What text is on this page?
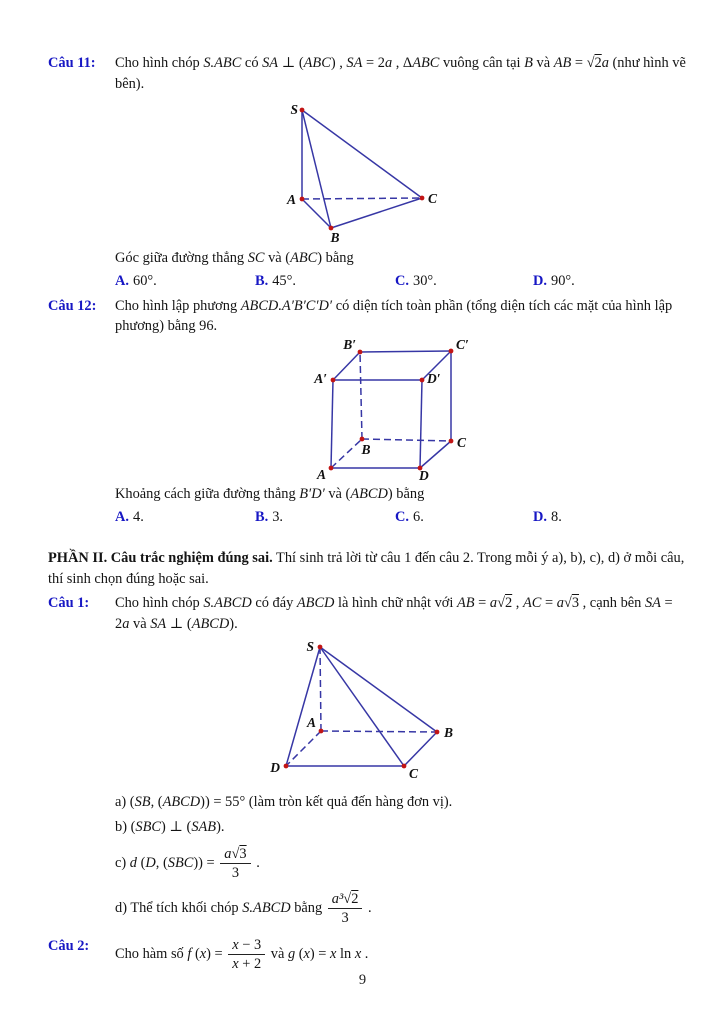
Câu 11:	Cho hình chóp S.ABC có SA ⊥ (ABC) , SA = 2a , ΔABC vuông cân tại B và AB = √2a (như hình vẽ bên).
S
A
B
C
Góc giữa đường thẳng SC và (ABC) bằng
A. 60°.	B. 45°.	C. 30°.	D. 90°.
Câu 12:	Cho hình lập phương ABCD.A′B′C′D′ có diện tích toàn phần (tổng diện tích các mặt của hình lập phương) bằng 96.
B′	C′
A′	D′
B	C
A	D
Khoảng cách giữa đường thẳng B′D′ và (ABCD) bằng
A. 4.	B. 3.	C. 6.	D. 8.
PHẦN II. Câu trắc nghiệm đúng sai. Thí sinh trả lời từ câu 1 đến câu 2. Trong mỗi ý a), b), c), d) ở mỗi câu, thí sinh chọn đúng hoặc sai.
Câu 1:	Cho hình chóp S.ABCD có đáy ABCD là hình chữ nhật với AB = a√2 , AC = a√3 , cạnh bên SA = 2a và SA ⊥ (ABCD).
S
A
B
C
D
a) (SB, (ABCD)) = 55° (làm tròn kết quả đến hàng đơn vị).
b) (SBC) ⊥ (SAB).
c) d (D, $(SBC)) = \frac{a√3}{3}$ .
d) Thể tích khối chóp S.ABCD bằng $\frac{\text{a³√2}}{3}$ .
Câu 2:	Cho hàm số f $(x) = \frac{x - 3}{x + 2}$ và g (x) = x ln x .
9
